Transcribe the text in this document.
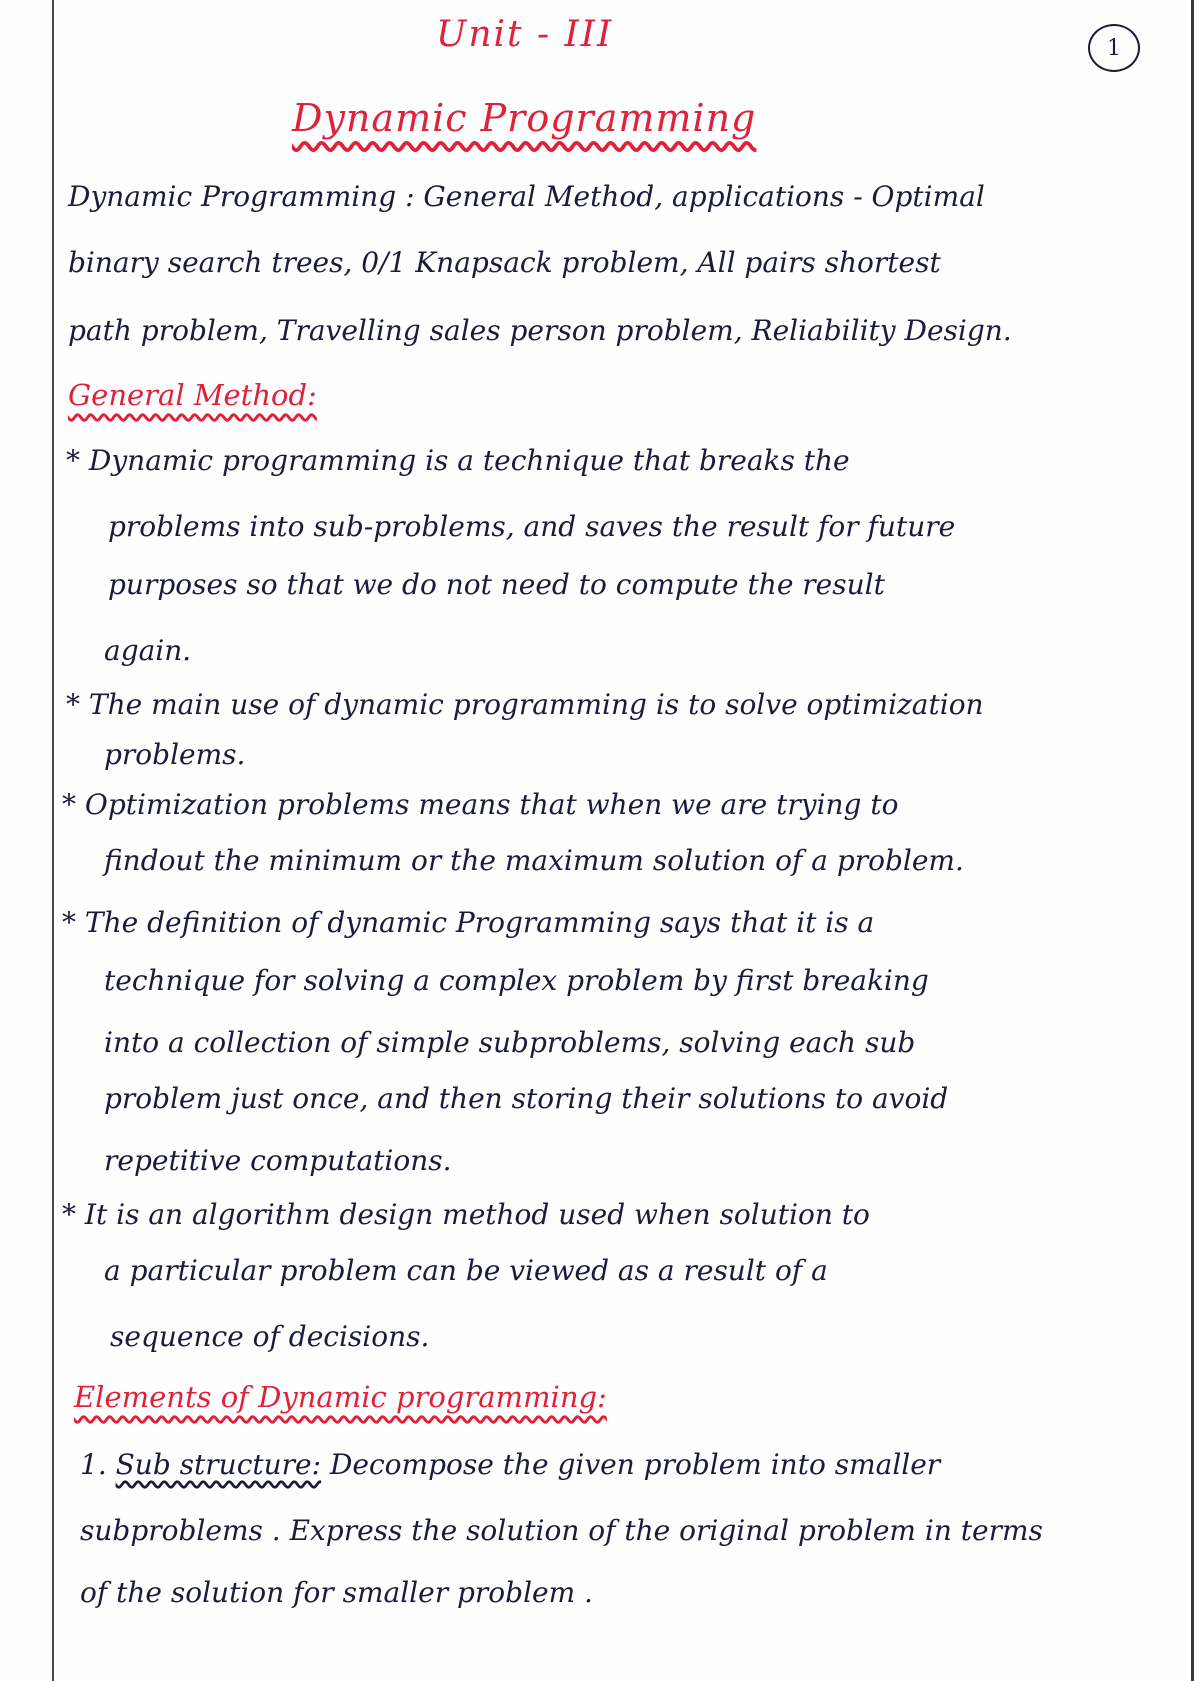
1
Unit - III
Dynamic Programming
Dynamic Programming : General Method, applications - Optimal
binary search trees, 0/1 Knapsack problem, All pairs shortest
path problem, Travelling sales person problem, Reliability Design.
General Method:
* Dynamic programming is a technique that breaks the
problems into sub-problems, and saves the result for future
purposes so that we do not need to compute the result
again.
* The main use of dynamic programming is to solve optimization
problems.
* Optimization problems means that when we are trying to
findout the minimum or the maximum solution of a problem.
* The definition of dynamic Programming says that it is a
technique for solving a complex problem by first breaking
into a collection of simple subproblems, solving each sub
problem just once, and then storing their solutions to avoid
repetitive computations.
* It is an algorithm design method used when solution to
a particular problem can be viewed as a result of a
sequence of decisions.
Elements of Dynamic programming:
1. Sub structure: Decompose the given problem into smaller
subproblems . Express the solution of the original problem in terms
of the solution for smaller problem .
